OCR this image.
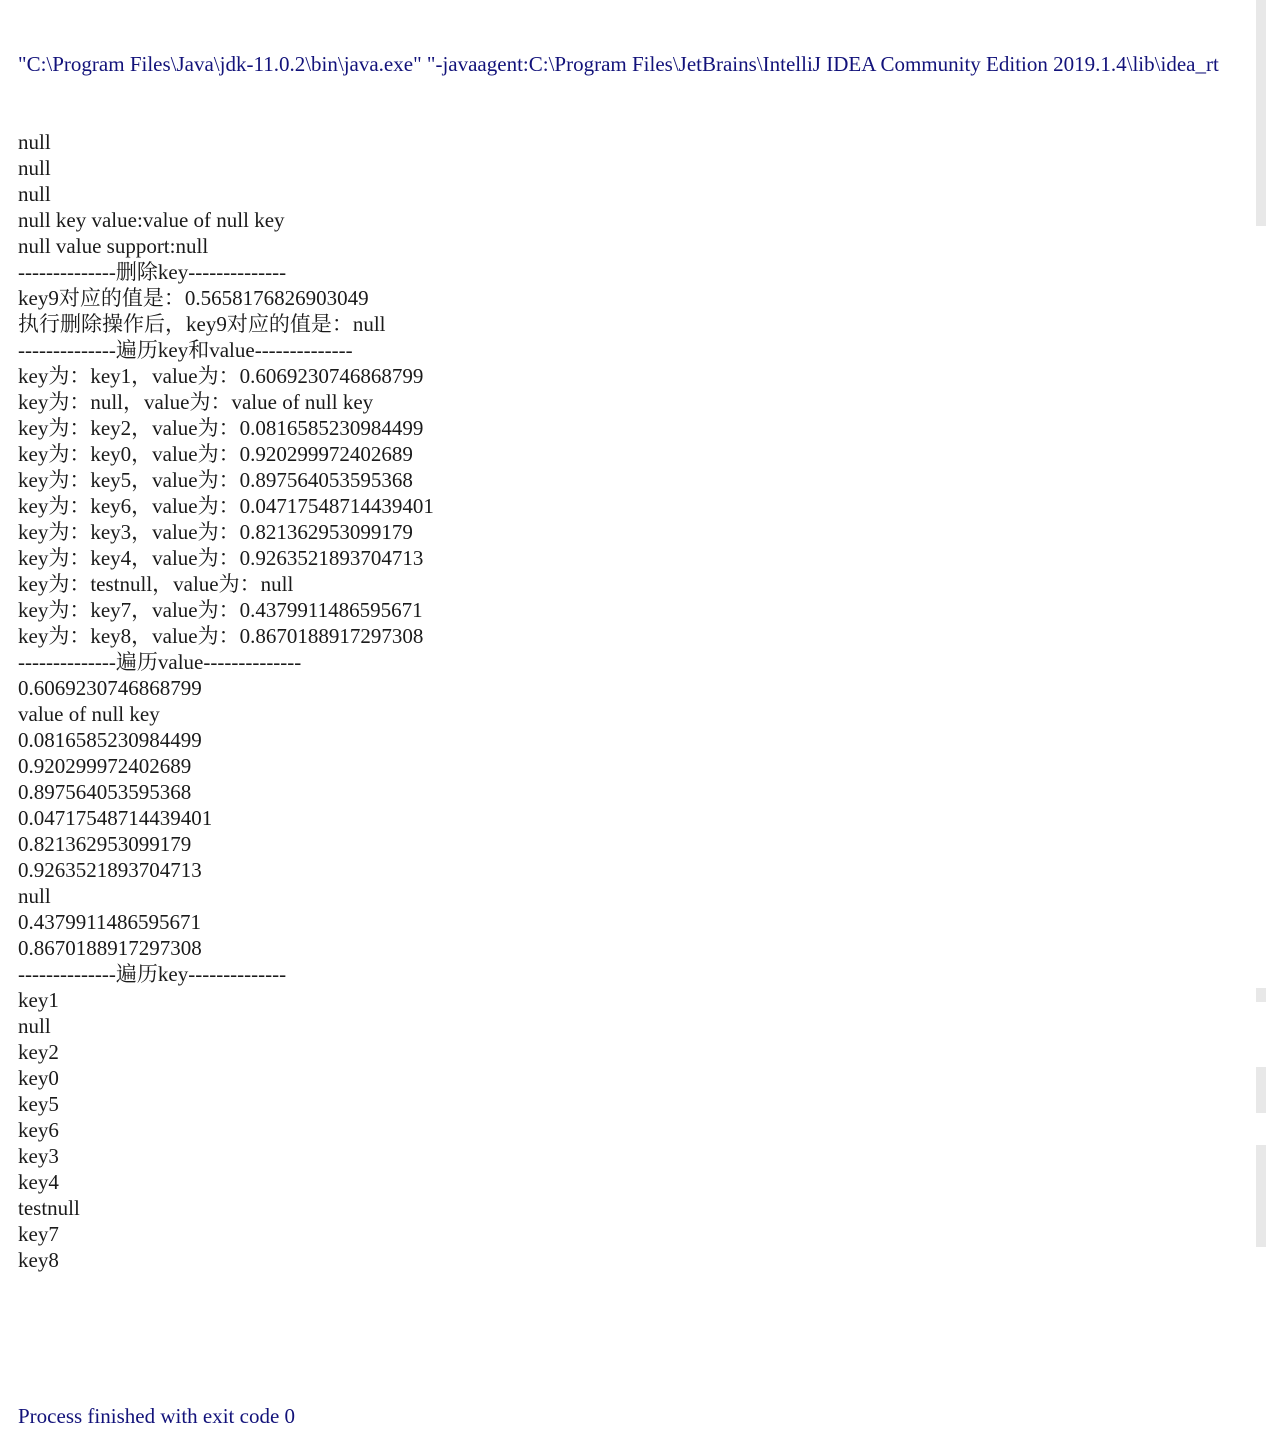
"C:\Program Files\Java\jdk-11.0.2\bin\java.exe" "-javaagent:C:\Program Files\JetBrains\IntelliJ IDEA Community Edition 2019.1.4\lib\idea_rt

null
null
null
null key value:value of null key
null value support:null
--------------删除key--------------
key9对应的值是：0.5658176826903049
执行删除操作后，key9对应的值是：null
--------------遍历key和value--------------
key为：key1，value为：0.6069230746868799
key为：null，value为：value of null key
key为：key2，value为：0.0816585230984499
key为：key0，value为：0.920299972402689
key为：key5，value为：0.897564053595368
key为：key6，value为：0.04717548714439401
key为：key3，value为：0.821362953099179
key为：key4，value为：0.9263521893704713
key为：testnull，value为：null
key为：key7，value为：0.4379911486595671
key为：key8，value为：0.8670188917297308
--------------遍历value--------------
0.6069230746868799
value of null key
0.0816585230984499
0.920299972402689
0.897564053595368
0.04717548714439401
0.821362953099179
0.9263521893704713
null
0.4379911486595671
0.8670188917297308
--------------遍历key--------------
key1
null
key2
key0
key5
key6
key3
key4
testnull
key7
key8

Process finished with exit code 0
